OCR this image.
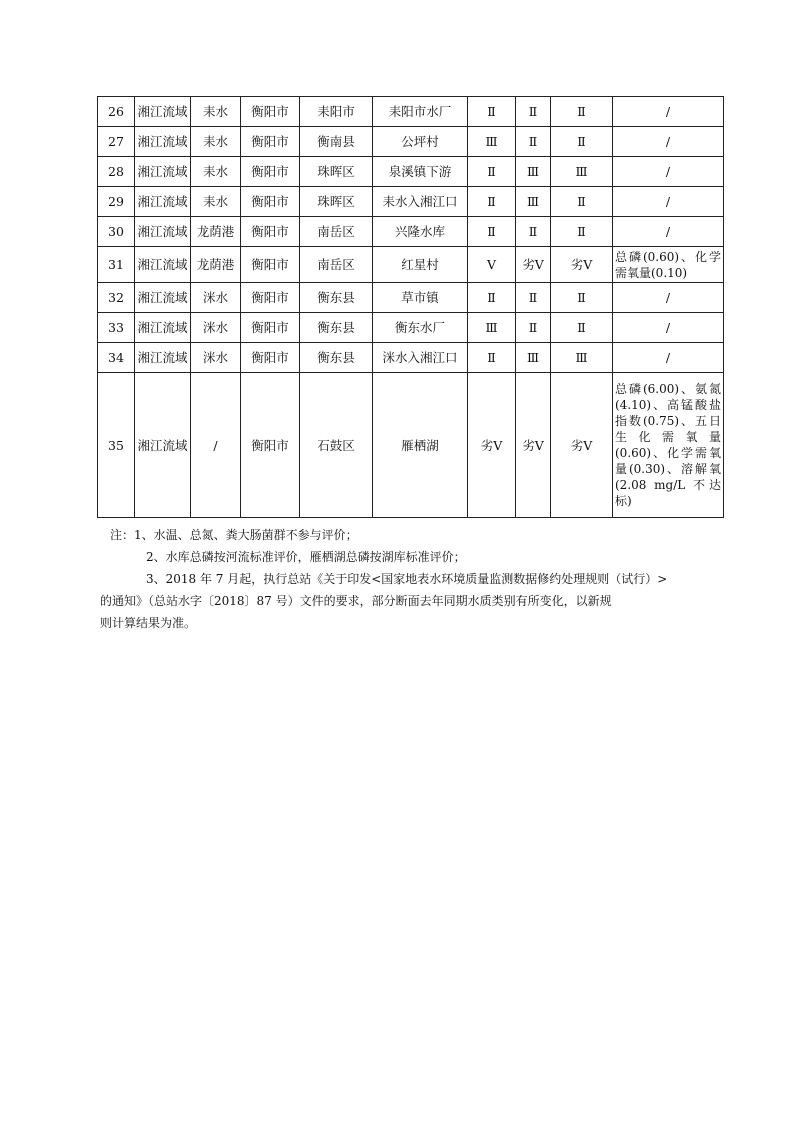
26	湘江流域	耒水	衡阳市	耒阳市	耒阳市水厂	Ⅱ	Ⅱ	Ⅱ	/
27	湘江流域	耒水	衡阳市	衡南县	公坪村	Ⅲ	Ⅱ	Ⅱ	/
28	湘江流域	耒水	衡阳市	珠晖区	泉溪镇下游	Ⅱ	Ⅲ	Ⅲ	/
29	湘江流域	耒水	衡阳市	珠晖区	耒水入湘江口	Ⅱ	Ⅲ	Ⅱ	/
30	湘江流域	龙荫港	衡阳市	南岳区	兴隆水库	Ⅱ	Ⅱ	Ⅱ	/
31	湘江流域	龙荫港	衡阳市	南岳区	红星村	Ⅴ	劣Ⅴ	劣Ⅴ	总磷(0.60)、化学需氧量(0.10)
32	湘江流域	洣水	衡阳市	衡东县	草市镇	Ⅱ	Ⅱ	Ⅱ	/
33	湘江流域	洣水	衡阳市	衡东县	衡东水厂	Ⅲ	Ⅱ	Ⅱ	/
34	湘江流域	洣水	衡阳市	衡东县	洣水入湘江口	Ⅱ	Ⅲ	Ⅲ	/
35	湘江流域	/	衡阳市	石鼓区	雁栖湖	劣Ⅴ	劣Ⅴ	劣Ⅴ	总磷(6.00)、氨氮(4.10)、高锰酸盐指数(0.75)、五日生化需氧量(0.60)、化学需氧量(0.30)、溶解氧(2.08 mg/L 不达标)

注：1、水温、总氮、粪大肠菌群不参与评价；

2、水库总磷按河流标准评价，雁栖湖总磷按湖库标准评价；

3、2018 年 7 月起，执行总站《关于印发<国家地表水环境质量监测数据修约处理规则（试行）>

的通知》（总站水字〔2018〕87 号）文件的要求，部分断面去年同期水质类别有所变化，以新规

则计算结果为准。
